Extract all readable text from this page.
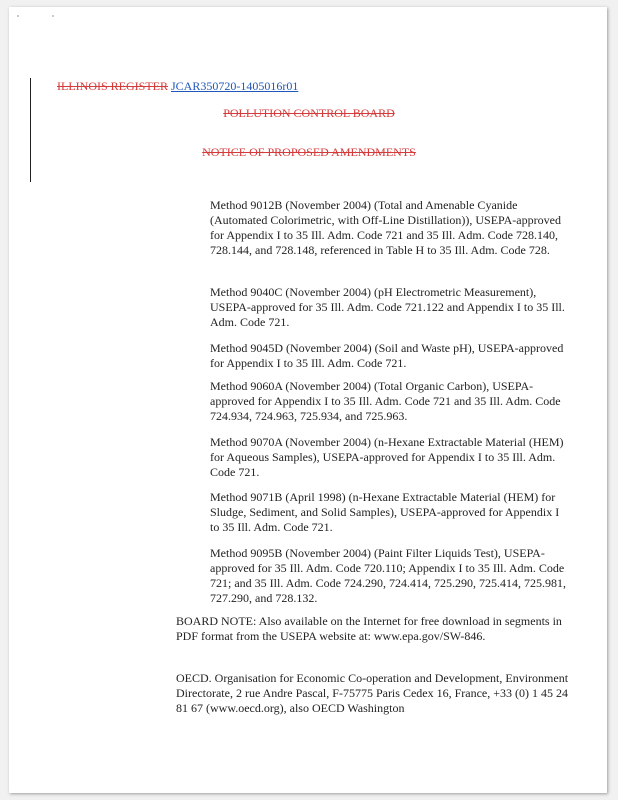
ILLINOIS REGISTER JCAR350720-1405016r01
POLLUTION CONTROL BOARD
NOTICE OF PROPOSED AMENDMENTS
Method 9012B (November 2004) (Total and Amenable Cyanide (Automated Colorimetric, with Off-Line Distillation)), USEPA-approved for Appendix I to 35 Ill. Adm. Code 721 and 35 Ill. Adm. Code 728.140, 728.144, and 728.148, referenced in Table H to 35 Ill. Adm. Code 728.
Method 9040C (November 2004) (pH Electrometric Measurement), USEPA-approved for 35 Ill. Adm. Code 721.122 and Appendix I to 35 Ill. Adm. Code 721.
Method 9045D (November 2004) (Soil and Waste pH), USEPA-approved for Appendix I to 35 Ill. Adm. Code 721.
Method 9060A (November 2004) (Total Organic Carbon), USEPA-approved for Appendix I to 35 Ill. Adm. Code 721 and 35 Ill. Adm. Code 724.934, 724.963, 725.934, and 725.963.
Method 9070A (November 2004) (n-Hexane Extractable Material (HEM) for Aqueous Samples), USEPA-approved for Appendix I to 35 Ill. Adm. Code 721.
Method 9071B (April 1998) (n-Hexane Extractable Material (HEM) for Sludge, Sediment, and Solid Samples), USEPA-approved for Appendix I to 35 Ill. Adm. Code 721.
Method 9095B (November 2004) (Paint Filter Liquids Test), USEPA-approved for 35 Ill. Adm. Code 720.110; Appendix I to 35 Ill. Adm. Code 721; and 35 Ill. Adm. Code 724.290, 724.414, 725.290, 725.414, 725.981, 727.290, and 728.132.
BOARD NOTE: Also available on the Internet for free download in segments in PDF format from the USEPA website at: www.epa.gov/SW-846.
OECD. Organisation for Economic Co-operation and Development, Environment Directorate, 2 rue Andre Pascal, F-75775 Paris Cedex 16, France, +33 (0) 1 45 24 81 67 (www.oecd.org), also OECD Washington
